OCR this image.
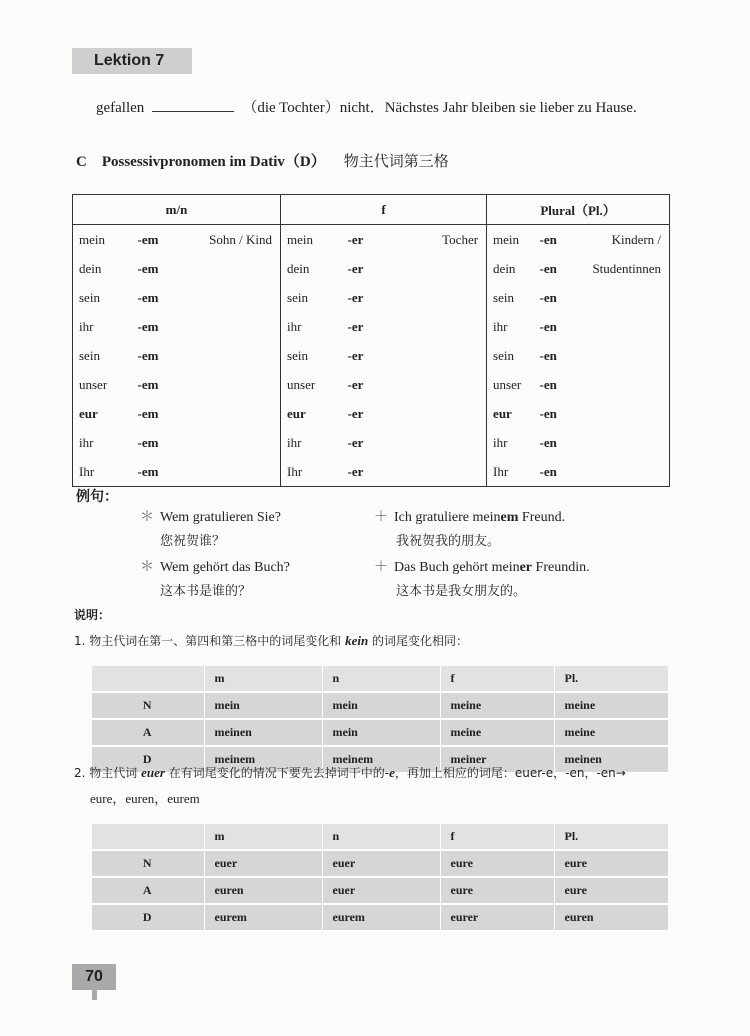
Lektion 7
gefallen	（die Tochter）nicht．Nächstes Jahr bleiben sie lieber zu Hause.
C　Possessivpronomen im Dativ（D） 物主代词第三格
m/n			f			Plural（Pl.）		
mein	-em	Sohn / Kind	mein	-er	Tocher	mein	-en	Kindern /
dein	-em		dein	-er		dein	-en	Studentinnen
sein	-em		sein	-er		sein	-en	
ihr	-em		ihr	-er		ihr	-en	
sein	-em		sein	-er		sein	-en	
unser	-em		unser	-er		unser	-en	
eur	-em		eur	-er		eur	-en	
ihr	-em		ihr	-er		ihr	-en	
Ihr	-em		Ihr	-er		Ihr	-en	
例句：
＊ Wem gratulieren Sie?
您祝贺谁？
＋ Ich gratuliere meinem Freund.
我祝贺我的朋友。
＊ Wem gehört das Buch?
这本书是谁的？
＋ Das Buch gehört meiner Freundin.
这本书是我女朋友的。
说明：
1. 物主代词在第一、第四和第三格中的词尾变化和 kein 的词尾变化相同：
	m	n	f	Pl.
N	mein	mein	meine	meine
A	meinen	mein	meine	meine
D	meinem	meinem	meiner	meinen
2. 物主代词 euer 在有词尾变化的情况下要先去掉词干中的-e，再加上相应的词尾：euer-e，-en，-en→
eure，euren，eurem
	m	n	f	Pl.
N	euer	euer	eure	eure
A	euren	euer	eure	eure
D	eurem	eurem	eurer	euren
70
